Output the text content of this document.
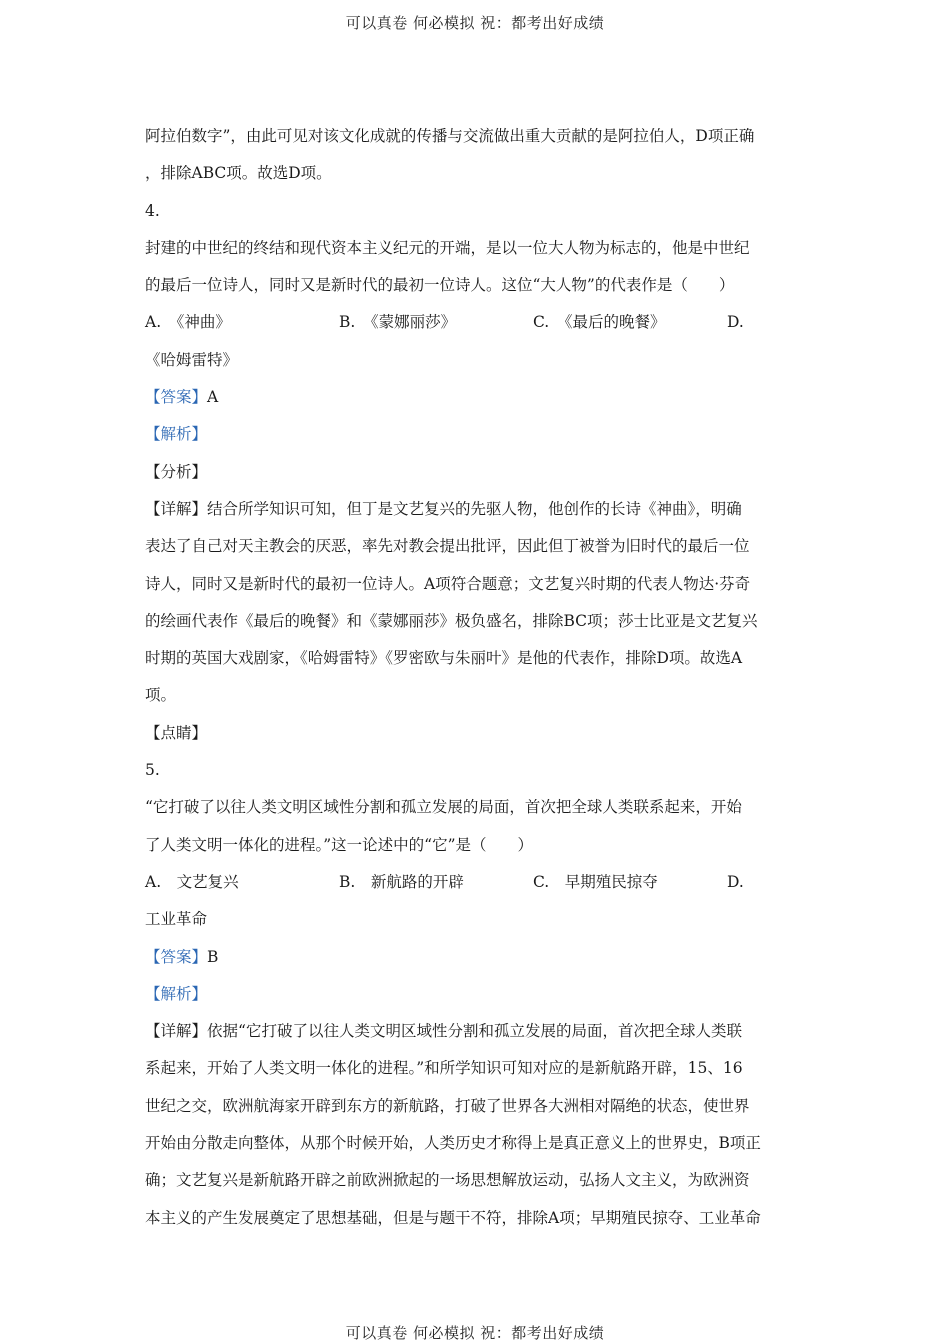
可以真卷 何必模拟 祝：都考出好成绩
阿拉伯数字”，由此可见对该文化成就的传播与交流做出重大贡献的是阿拉伯人，D项正确
，排除ABC项。故选D项。
4.
封建的中世纪的终结和现代资本主义纪元的开端，是以一位大人物为标志的，他是中世纪
的最后一位诗人，同时又是新时代的最初一位诗人。这位“大人物”的代表作是（　　）
A.　《神曲》	B.　《蒙娜丽莎》	C.　《最后的晚餐》	D.
《哈姆雷特》
【答案】A
【解析】
【分析】
【详解】结合所学知识可知，但丁是文艺复兴的先驱人物，他创作的长诗《神曲》，明确
表达了自己对天主教会的厌恶，率先对教会提出批评，因此但丁被誉为旧时代的最后一位
诗人，同时又是新时代的最初一位诗人。A项符合题意；文艺复兴时期的代表人物达·芬奇
的绘画代表作《最后的晚餐》和《蒙娜丽莎》极负盛名，排除BC项；莎士比亚是文艺复兴
时期的英国大戏剧家，《哈姆雷特》《罗密欧与朱丽叶》是他的代表作，排除D项。故选A
项。
【点睛】
5.
“它打破了以往人类文明区域性分割和孤立发展的局面，首次把全球人类联系起来，开始
了人类文明一体化的进程。”这一论述中的“它”是（　　）
A.　文艺复兴	B.　新航路的开辟	C.　早期殖民掠夺	D.
工业革命
【答案】B
【解析】
【详解】依据“它打破了以往人类文明区域性分割和孤立发展的局面，首次把全球人类联
系起来，开始了人类文明一体化的进程。”和所学知识可知对应的是新航路开辟，15、16
世纪之交，欧洲航海家开辟到东方的新航路，打破了世界各大洲相对隔绝的状态，使世界
开始由分散走向整体，从那个时候开始，人类历史才称得上是真正意义上的世界史，B项正
确；文艺复兴是新航路开辟之前欧洲掀起的一场思想解放运动，弘扬人文主义，为欧洲资
本主义的产生发展奠定了思想基础，但是与题干不符，排除A项；早期殖民掠夺、工业革命
可以真卷 何必模拟 祝：都考出好成绩
